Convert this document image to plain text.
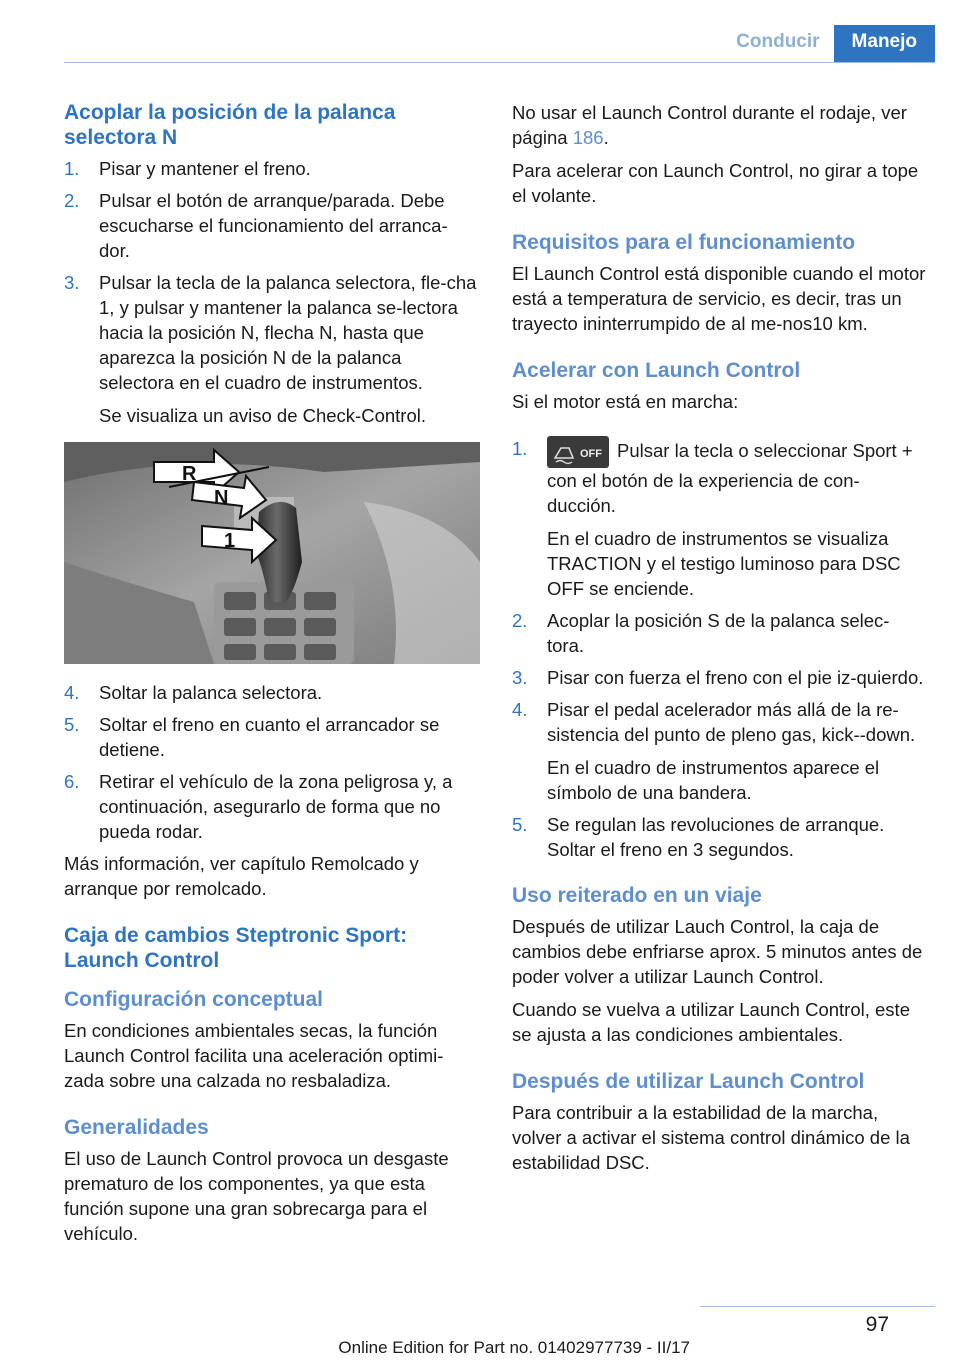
Conducir	Manejo
Acoplar la posición de la palanca selectora N
1. Pisar y mantener el freno.
2. Pulsar el botón de arranque/parada. Debe escucharse el funcionamiento del arranca-dor.
3. Pulsar la tecla de la palanca selectora, fle-cha 1, y pulsar y mantener la palanca se-lectora hacia la posición N, flecha N, hasta que aparezca la posición N de la palanca selectora en el cuadro de instrumentos.
Se visualiza un aviso de Check-Control.
R
N
1
4. Soltar la palanca selectora.
5. Soltar el freno en cuanto el arrancador se detiene.
6. Retirar el vehículo de la zona peligrosa y, a continuación, asegurarlo de forma que no pueda rodar.

Más información, ver capítulo Remolcado y arranque por remolcado.

Caja de cambios Steptronic Sport: Launch Control
Configuración conceptual

En condiciones ambientales secas, la función Launch Control facilita una aceleración optimi-zada sobre una calzada no resbaladiza.

Generalidades

El uso de Launch Control provoca un desgaste prematuro de los componentes, ya que esta función supone una gran sobrecarga para el vehículo.

No usar el Launch Control durante el rodaje, ver página 186.

Para acelerar con Launch Control, no girar a tope el volante.

Requisitos para el funcionamiento

El Launch Control está disponible cuando el motor está a temperatura de servicio, es decir, tras un trayecto ininterrumpido de al me-nos10 km.

Acelerar con Launch Control

Si el motor está en marcha:

1.	OFF Pulsar la tecla o seleccionar Sport + con el botón de la experiencia de con-ducción.
En el cuadro de instrumentos se visualiza TRACTION y el testigo luminoso para DSC OFF se enciende.
2. Acoplar la posición S de la palanca selec-tora.
3. Pisar con fuerza el freno con el pie iz-quierdo.
4. Pisar el pedal acelerador más allá de la re-sistencia del punto de pleno gas, kick--down.
En el cuadro de instrumentos aparece el símbolo de una bandera.
5. Se regulan las revoluciones de arranque. Soltar el freno en 3 segundos.
Uso reiterado en un viaje

Después de utilizar Lauch Control, la caja de cambios debe enfriarse aprox. 5 minutos antes de poder volver a utilizar Launch Control.

Cuando se vuelva a utilizar Launch Control, este se ajusta a las condiciones ambientales.

Después de utilizar Launch Control

Para contribuir a la estabilidad de la marcha, volver a activar el sistema control dinámico de la estabilidad DSC.

97
Online Edition for Part no. 01402977739 - II/17
